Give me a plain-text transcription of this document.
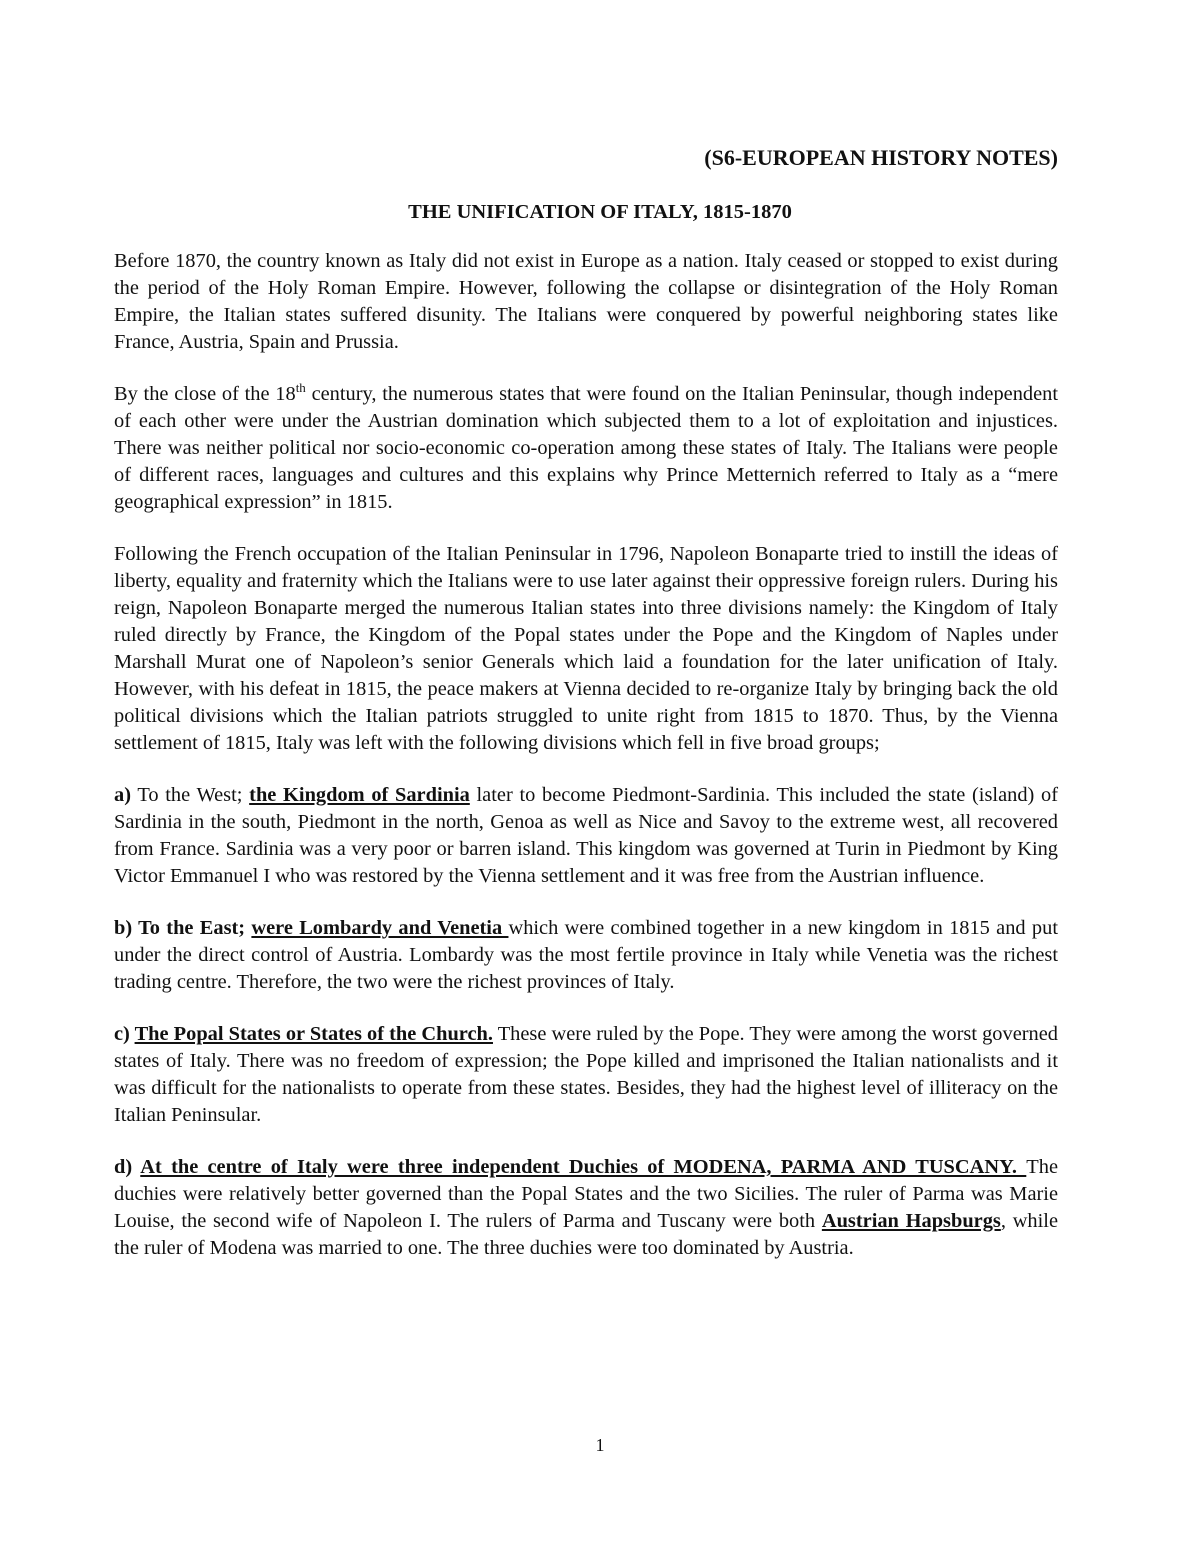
(S6-EUROPEAN HISTORY NOTES)
THE UNIFICATION OF ITALY, 1815-1870

Before 1870, the country known as Italy did not exist in Europe as a nation. Italy ceased or stopped to exist during the period of the Holy Roman Empire. However, following the collapse or disintegration of the Holy Roman Empire, the Italian states suffered disunity. The Italians were conquered by powerful neighboring states like France, Austria, Spain and Prussia.

By the close of the 18th century, the numerous states that were found on the Italian Peninsular, though independent of each other were under the Austrian domination which subjected them to a lot of exploitation and injustices. There was neither political nor socio-economic co-operation among these states of Italy. The Italians were people of different races, languages and cultures and this explains why Prince Metternich referred to Italy as a “mere geographical expression” in 1815.

Following the French occupation of the Italian Peninsular in 1796, Napoleon Bonaparte tried to instill the ideas of liberty, equality and fraternity which the Italians were to use later against their oppressive foreign rulers. During his reign, Napoleon Bonaparte merged the numerous Italian states into three divisions namely: the Kingdom of Italy ruled directly by France, the Kingdom of the Popal states under the Pope and the Kingdom of Naples under Marshall Murat one of Napoleon’s senior Generals which laid a foundation for the later unification of Italy. However, with his defeat in 1815, the peace makers at Vienna decided to re-organize Italy by bringing back the old political divisions which the Italian patriots struggled to unite right from 1815 to 1870. Thus, by the Vienna settlement of 1815, Italy was left with the following divisions which fell in five broad groups;

a) To the West; the Kingdom of Sardinia later to become Piedmont-Sardinia. This included the state (island) of Sardinia in the south, Piedmont in the north, Genoa as well as Nice and Savoy to the extreme west, all recovered from France. Sardinia was a very poor or barren island. This kingdom was governed at Turin in Piedmont by King Victor Emmanuel I who was restored by the Vienna settlement and it was free from the Austrian influence.

b) To the East; were Lombardy and Venetia which were combined together in a new kingdom in 1815 and put under the direct control of Austria. Lombardy was the most fertile province in Italy while Venetia was the richest trading centre. Therefore, the two were the richest provinces of Italy.

c) The Popal States or States of the Church. These were ruled by the Pope. They were among the worst governed states of Italy. There was no freedom of expression; the Pope killed and imprisoned the Italian nationalists and it was difficult for the nationalists to operate from these states. Besides, they had the highest level of illiteracy on the Italian Peninsular.

d) At the centre of Italy were three independent Duchies of MODENA, PARMA AND TUSCANY. The duchies were relatively better governed than the Popal States and the two Sicilies. The ruler of Parma was Marie Louise, the second wife of Napoleon I. The rulers of Parma and Tuscany were both Austrian Hapsburgs, while the ruler of Modena was married to one. The three duchies were too dominated by Austria.

1
